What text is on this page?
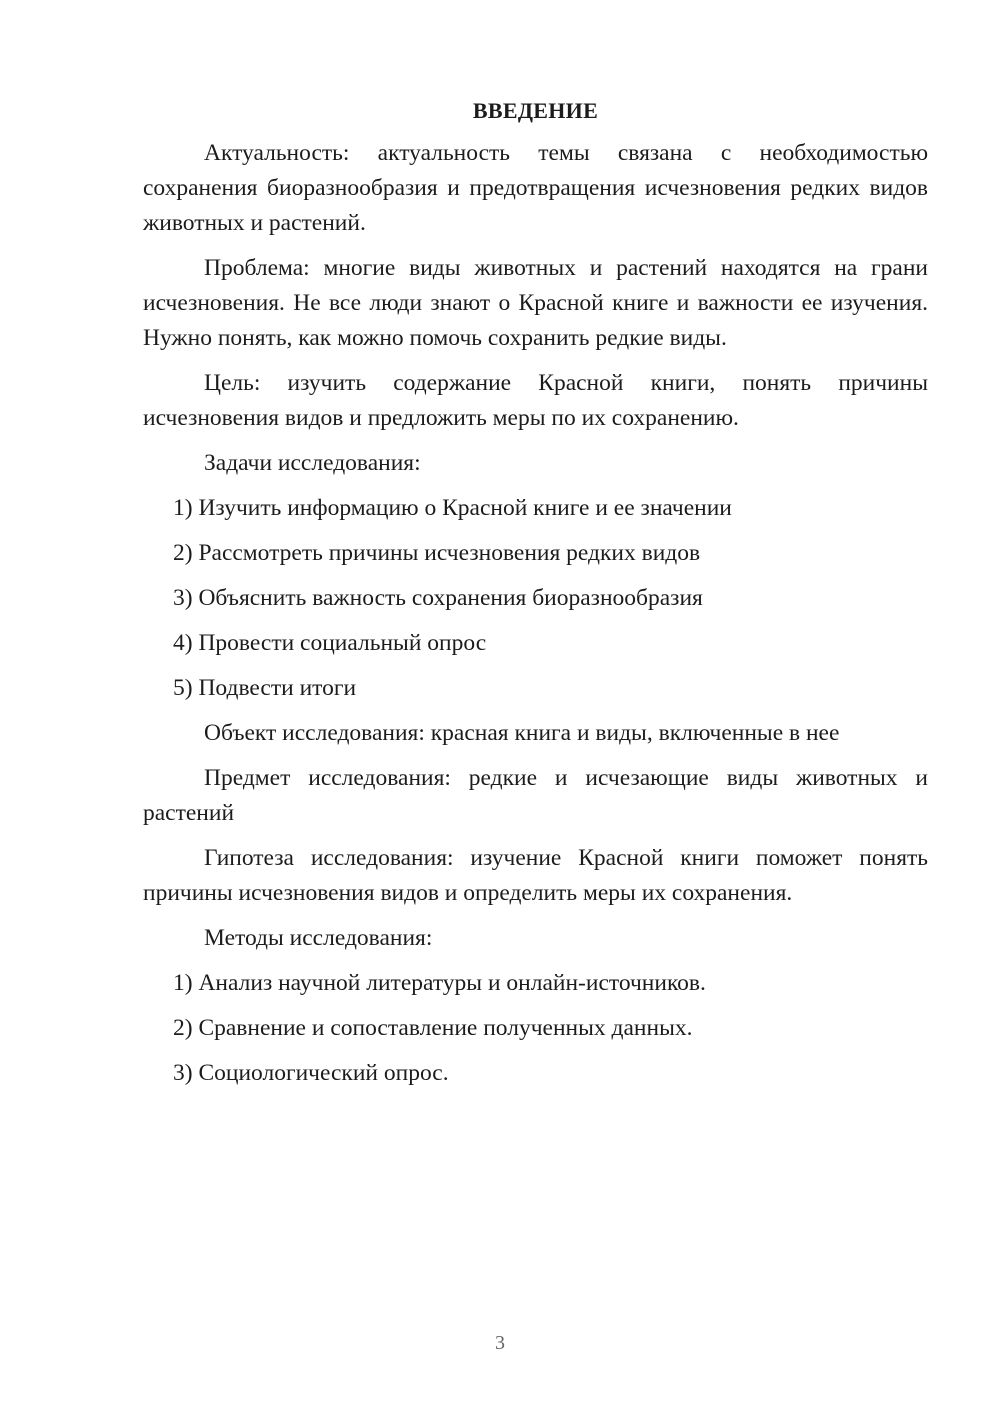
ВВЕДЕНИЕ

Актуальность: актуальность темы связана с необходимостью сохранения биоразнообразия и предотвращения исчезновения редких видов животных и растений.

Проблема: многие виды животных и растений находятся на грани исчезновения. Не все люди знают о Красной книге и важности ее изучения. Нужно понять, как можно помочь сохранить редкие виды.

Цель: изучить содержание Красной книги, понять причины исчезновения видов и предложить меры по их сохранению.

Задачи исследования:

1) Изучить информацию о Красной книге и ее значении
2) Рассмотреть причины исчезновения редких видов
3) Объяснить важность сохранения биоразнообразия
4) Провести социальный опрос
5) Подвести итоги

Объект исследования: красная книга и виды, включенные в нее

Предмет исследования: редкие и исчезающие виды животных и растений

Гипотеза исследования: изучение Красной книги поможет понять причины исчезновения видов и определить меры их сохранения.

Методы исследования:

1) Анализ научной литературы и онлайн-источников.
2) Сравнение и сопоставление полученных данных.
3) Социологический опрос.
3
